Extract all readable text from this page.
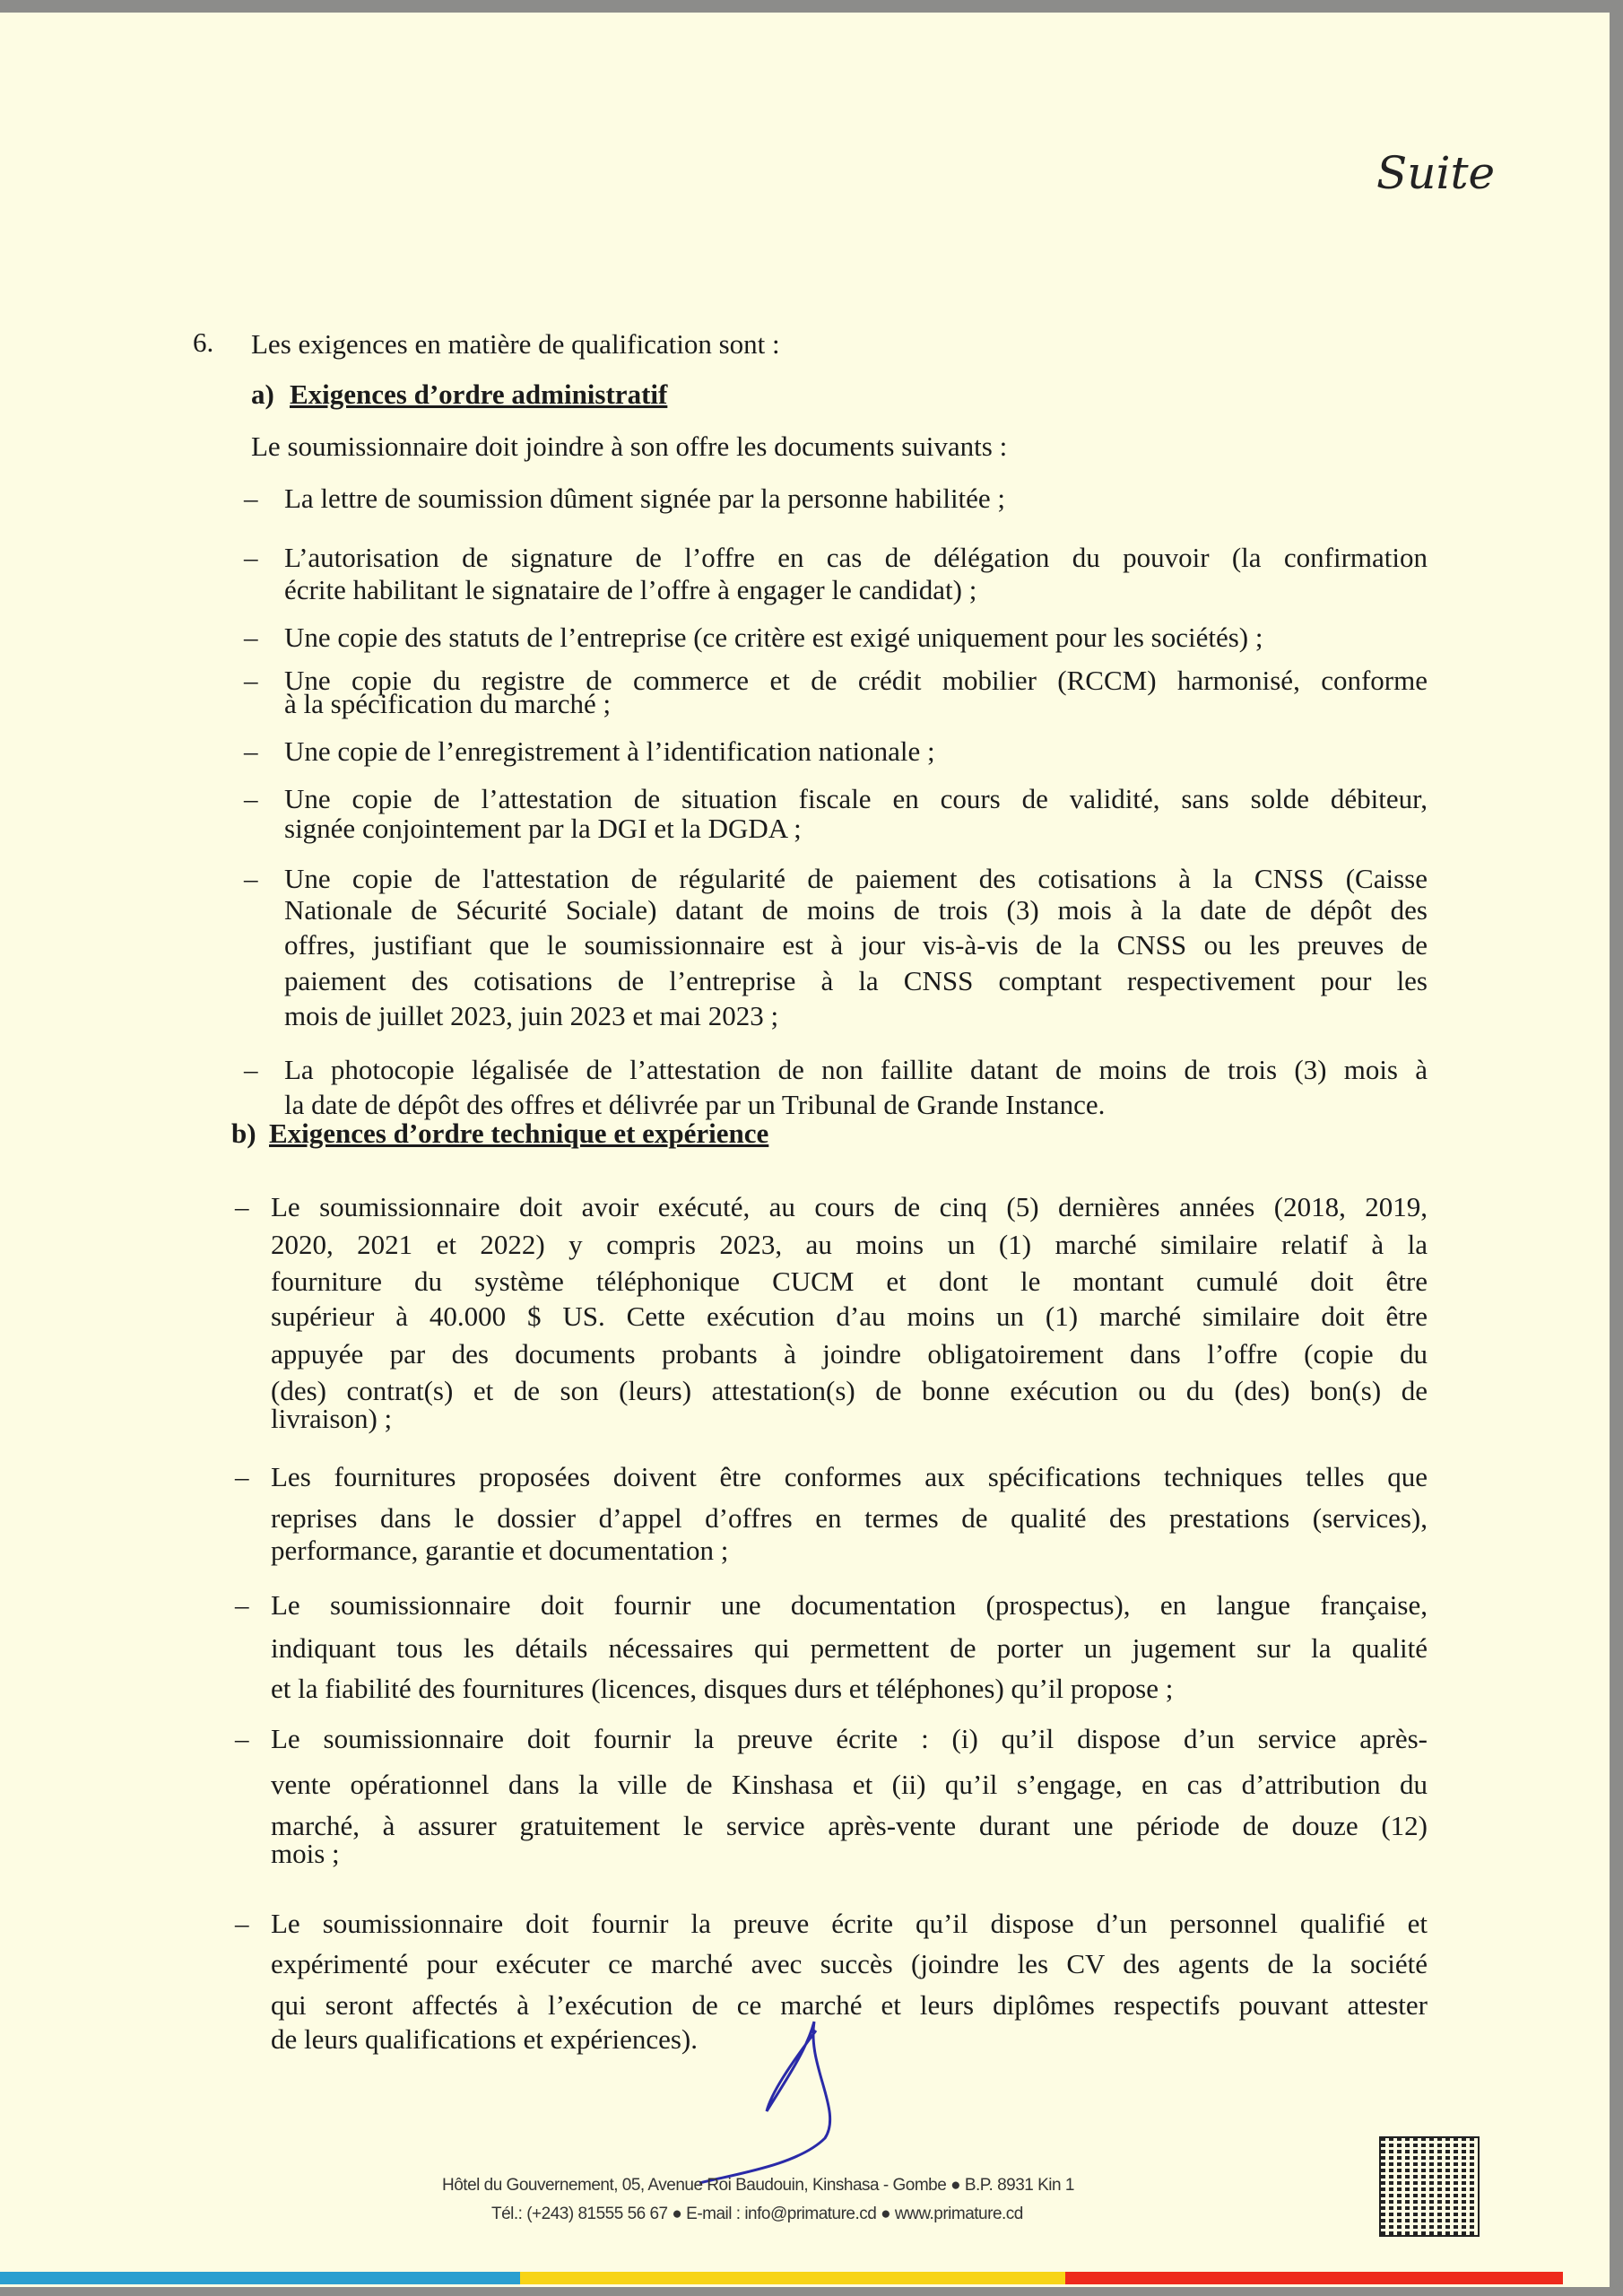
Suite
6. Les exigences en matière de qualification sont :
a) Exigences d’ordre administratif
Le soumissionnaire doit joindre à son offre les documents suivants :
– La lettre de soumission dûment signée par la personne habilitée ;
– L’autorisation de signature de l’offre en cas de délégation du pouvoir (la confirmation
écrite habilitant le signataire de l’offre à engager le candidat) ;
– Une copie des statuts de l’entreprise (ce critère est exigé uniquement pour les sociétés) ;
– Une copie du registre de commerce et de crédit mobilier (RCCM) harmonisé, conforme
à la spécification du marché ;
– Une copie de l’enregistrement à l’identification nationale ;
– Une copie de l’attestation de situation fiscale en cours de validité, sans solde débiteur,
signée conjointement par la DGI et la DGDA ;
– Une copie de l'attestation de régularité de paiement des cotisations à la CNSS (Caisse
Nationale de Sécurité Sociale) datant de moins de trois (3) mois à la date de dépôt des
offres, justifiant que le soumissionnaire est à jour vis-à-vis de la CNSS ou les preuves de
paiement des cotisations de l’entreprise à la CNSS comptant respectivement pour les
mois de juillet 2023, juin 2023 et mai 2023 ;
– La photocopie légalisée de l’attestation de non faillite datant de moins de trois (3) mois à
la date de dépôt des offres et délivrée par un Tribunal de Grande Instance.
– Le soumissionnaire doit avoir exécuté, au cours de cinq (5) dernières années (2018, 2019,
2020, 2021 et 2022) y compris 2023, au moins un (1) marché similaire relatif à la
fourniture du système téléphonique CUCM et dont le montant cumulé doit être
supérieur à 40.000 $ US. Cette exécution d’au moins un (1) marché similaire doit être
appuyée par des documents probants à joindre obligatoirement dans l’offre (copie du
(des) contrat(s) et de son (leurs) attestation(s) de bonne exécution ou du (des) bon(s) de
livraison) ;
– Les fournitures proposées doivent être conformes aux spécifications techniques telles que
reprises dans le dossier d’appel d’offres en termes de qualité des prestations (services),
performance, garantie et documentation ;
– Le soumissionnaire doit fournir une documentation (prospectus), en langue française,
indiquant tous les détails nécessaires qui permettent de porter un jugement sur la qualité
et la fiabilité des fournitures (licences, disques durs et téléphones) qu’il propose ;
– Le soumissionnaire doit fournir la preuve écrite : (i) qu’il dispose d’un service après-
vente opérationnel dans la ville de Kinshasa et (ii) qu’il s’engage, en cas d’attribution du
marché, à assurer gratuitement le service après-vente durant une période de douze (12)
mois ;
– Le soumissionnaire doit fournir la preuve écrite qu’il dispose d’un personnel qualifié et
expérimenté pour exécuter ce marché avec succès (joindre les CV des agents de la société
qui seront affectés à l’exécution de ce marché et leurs diplômes respectifs pouvant attester
de leurs qualifications et expériences).
b) Exigences d’ordre technique et expérience
Hôtel du Gouvernement, 05, Avenue Roi Baudouin, Kinshasa - Gombe ● B.P. 8931 Kin 1
Tél.: (+243) 81555 56 67 ● E-mail : info@primature.cd ● www.primature.cd
